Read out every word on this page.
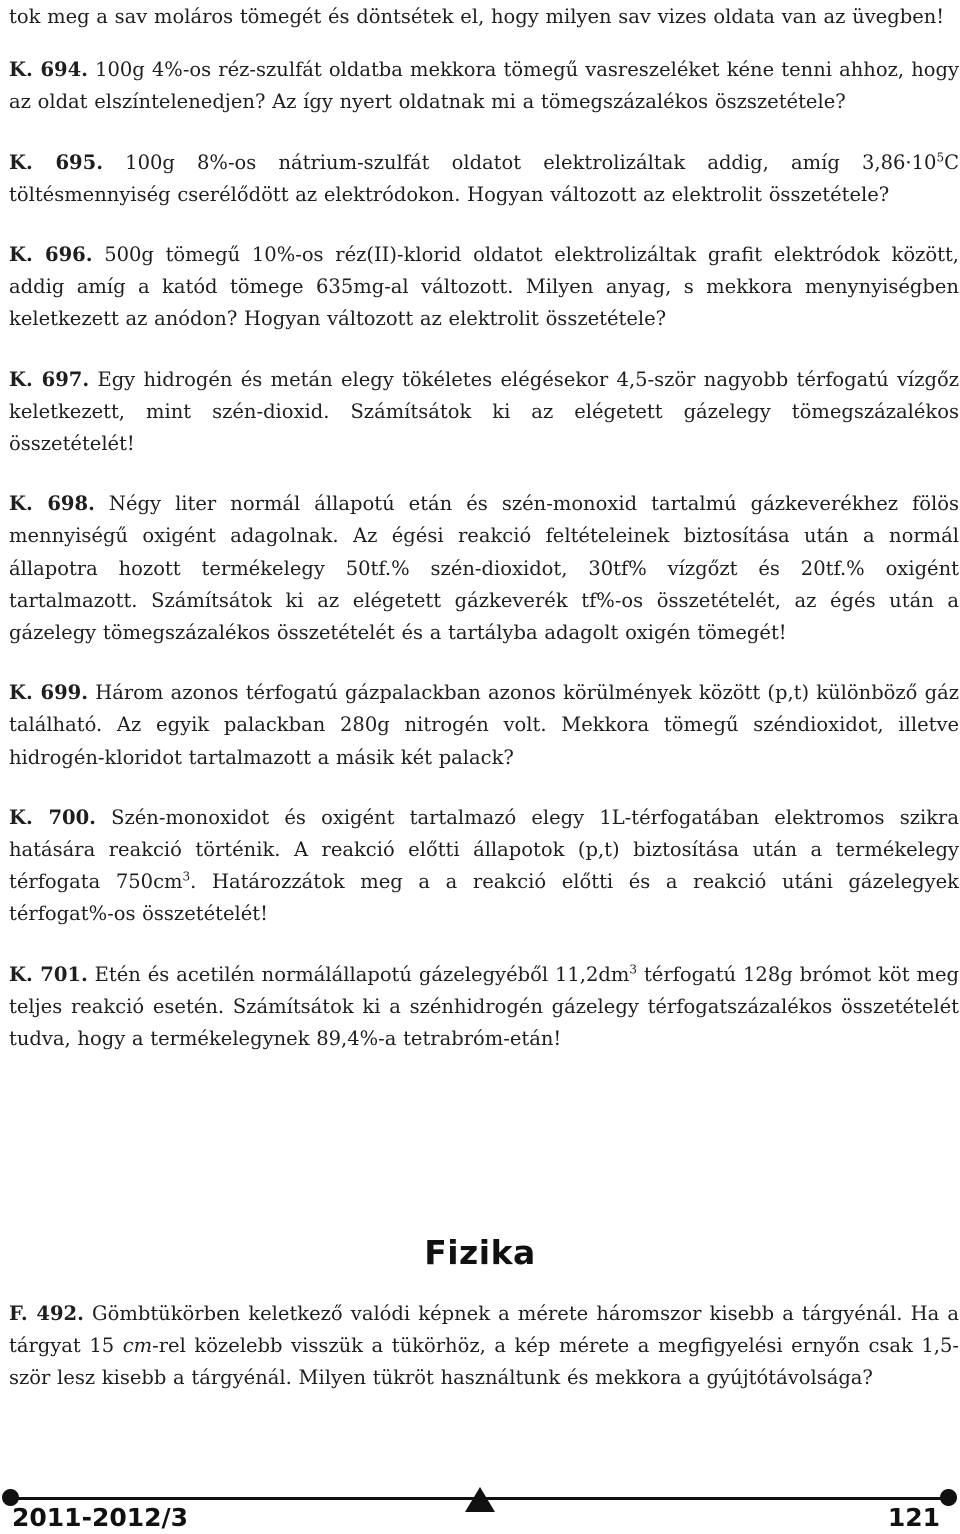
tok meg a sav moláros tömegét és döntsétek el, hogy milyen sav vizes oldata van az üvegben!

K. 694. 100g 4%-os réz-szulfát oldatba mekkora tömegű vasreszeléket kéne tenni ahhoz, hogy az oldat elszíntelenedjen? Az így nyert oldatnak mi a tömegszázalékos öszszetétele?

K. 695. 100g 8%-os nátrium-szulfát oldatot elektrolizáltak addig, amíg $3,86\cdot 10^5C$ töltésmennyiség cserélődött az elektródokon. Hogyan változott az elektrolit összetétele?

K. 696. 500g tömegű 10%-os réz(II)-klorid oldatot elektrolizáltak grafit elektródok között, addig amíg a katód tömege 635mg-al változott. Milyen anyag, s mekkora menynyiségben keletkezett az anódon? Hogyan változott az elektrolit összetétele?

K. 697. Egy hidrogén és metán elegy tökéletes elégésekor 4,5-ször nagyobb térfogatú vízgőz keletkezett, mint szén-dioxid. Számítsátok ki az elégetett gázelegy tömegszázalékos összetételét!

K. 698. Négy liter normál állapotú etán és szén-monoxid tartalmú gázkeverékhez fölös mennyiségű oxigént adagolnak. Az égési reakció feltételeinek biztosítása után a normál állapotra hozott termékelegy 50tf.% szén-dioxidot, 30tf% vízgőzt és 20tf.% oxigént tartalmazott. Számítsátok ki az elégetett gázkeverék tf%-os összetételét, az égés után a gázelegy tömegszázalékos összetételét és a tartályba adagolt oxigén tömegét!

K. 699. Három azonos térfogatú gázpalackban azonos körülmények között (p,t) különböző gáz található. Az egyik palackban 280g nitrogén volt. Mekkora tömegű széndioxidot, illetve hidrogén-kloridot tartalmazott a másik két palack?

K. 700. Szén-monoxidot és oxigént tartalmazó elegy 1L-térfogatában elektromos szikra hatására reakció történik. A reakció előtti állapotok (p,t) biztosítása után a termékelegy térfogata $750cm^3$. Határozzátok meg a a reakció előtti és a reakció utáni gázelegyek térfogat%-os összetételét!

K. 701. Etén és acetilén normálállapotú gázelegyéből $11,2dm^3$ térfogatú 128g brómot köt meg teljes reakció esetén. Számítsátok ki a szénhidrogén gázelegy térfogatszázalékos összetételét tudva, hogy a termékelegynek 89,4%-a tetrabróm-etán!

Fizika

F. 492. Gömbtükörben keletkező valódi képnek a mérete háromszor kisebb a tárgyénál. Ha a tárgyat 15 cm-rel közelebb visszük a tükörhöz, a kép mérete a megfigyelési ernyőn csak 1,5-ször lesz kisebb a tárgyénál. Milyen tükröt használtunk és mekkora a gyújtótávolsága?

2011-2012/3	121
